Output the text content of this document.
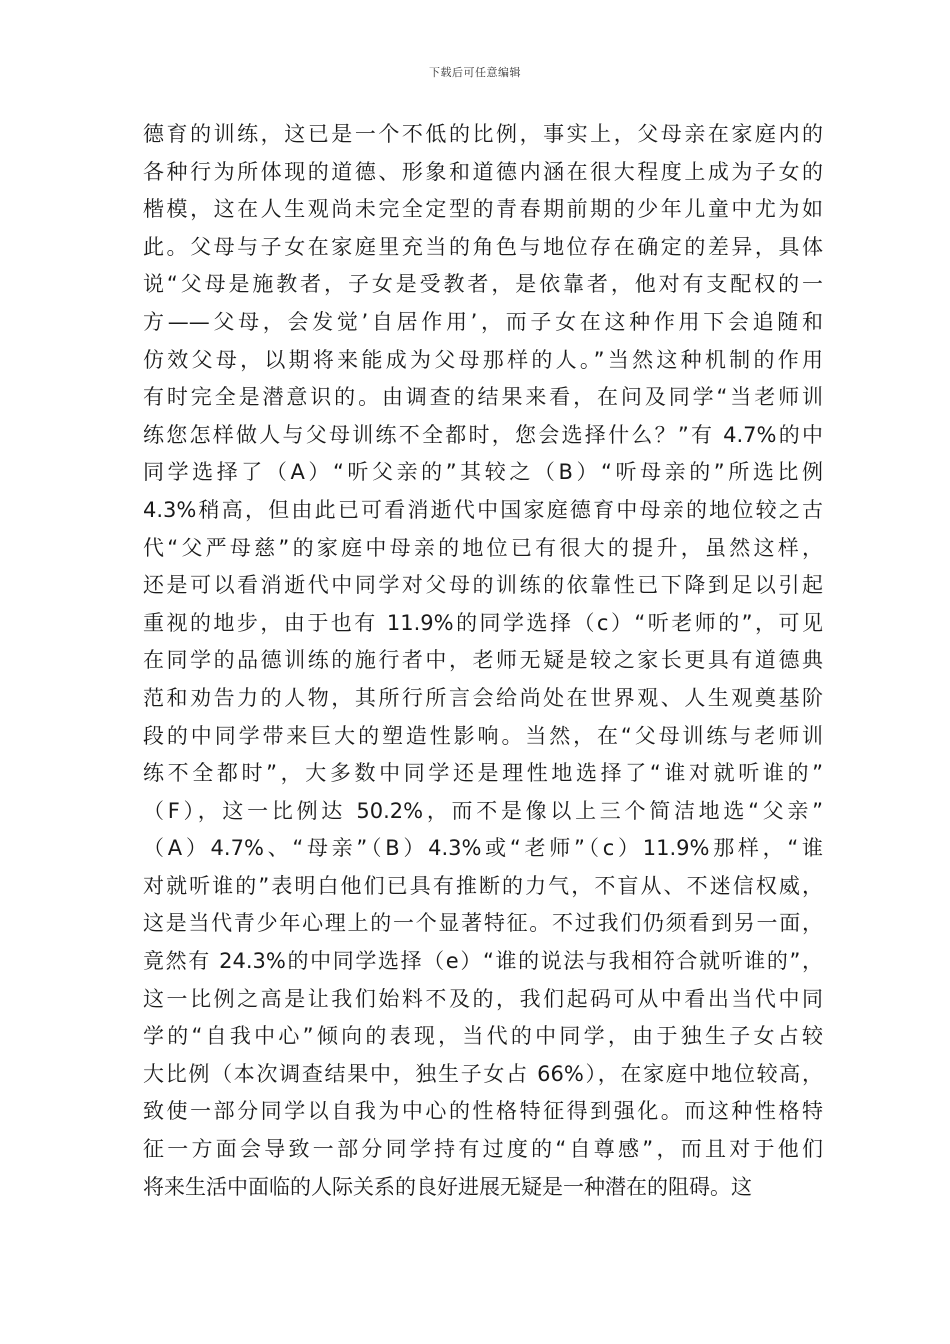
下载后可任意编辑
德育的训练，这已是一个不低的比例，事实上，父母亲在家庭内的
各种行为所体现的道德、形象和道德内涵在很大程度上成为子女的
楷模，这在人生观尚未完全定型的青春期前期的少年儿童中尤为如
此。父母与子女在家庭里充当的角色与地位存在确定的差异，具体
说“父母是施教者，子女是受教者，是依靠者，他对有支配权的一
方——父母，会发觉’自居作用’，而子女在这种作用下会追随和
仿效父母，以期将来能成为父母那样的人。”当然这种机制的作用
有时完全是潜意识的。由调查的结果来看，在问及同学“当老师训
练您怎样做人与父母训练不全都时，您会选择什么？”有 4.7%的中
同学选择了（A）“听父亲的”其较之（B）“听母亲的”所选比例
4.3%稍高，但由此已可看消逝代中国家庭德育中母亲的地位较之古
代“父严母慈”的家庭中母亲的地位已有很大的提升，虽然这样，
还是可以看消逝代中同学对父母的训练的依靠性已下降到足以引起
重视的地步，由于也有 11.9%的同学选择（c）“听老师的”，可见
在同学的品德训练的施行者中，老师无疑是较之家长更具有道德典
范和劝告力的人物，其所行所言会给尚处在世界观、人生观奠基阶
段的中同学带来巨大的塑造性影响。当然，在“父母训练与老师训
练不全都时”，大多数中同学还是理性地选择了“谁对就听谁的”
（F），这一比例达 50.2%，而不是像以上三个简洁地选“父亲”
（A）4.7%、“母亲”（B）4.3%或“老师”（c）11.9%那样，“谁
对就听谁的”表明白他们已具有推断的力气，不盲从、不迷信权威，
这是当代青少年心理上的一个显著特征。不过我们仍须看到另一面，
竟然有 24.3%的中同学选择（e）“谁的说法与我相符合就听谁的”，
这一比例之高是让我们始料不及的，我们起码可从中看出当代中同
学的“自我中心”倾向的表现，当代的中同学，由于独生子女占较
大比例（本次调查结果中，独生子女占 66%），在家庭中地位较高，
致使一部分同学以自我为中心的性格特征得到强化。而这种性格特
征一方面会导致一部分同学持有过度的“自尊感”，而且对于他们
将来生活中面临的人际关系的良好进展无疑是一种潜在的阻碍。这
